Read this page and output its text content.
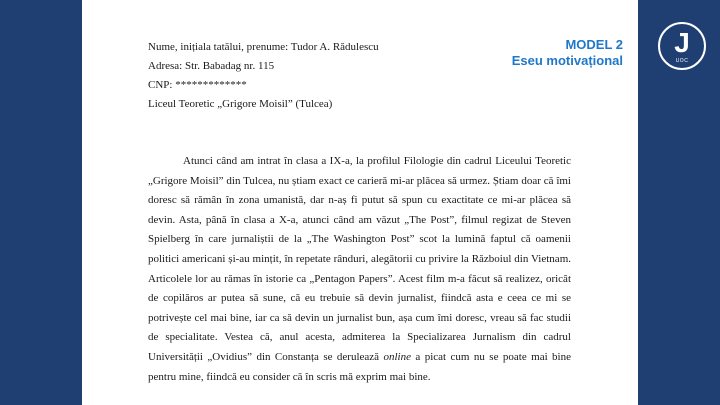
Nume, inițiala tatălui, prenume: Tudor A. Rădulescu
Adresa: Str. Babadag nr. 115
CNP: *************
Liceul Teoretic „Grigore Moisil” (Tulcea)
MODEL 2
Eseu motivațional
J
UOC
Atunci când am intrat în clasa a IX-a, la profilul Filologie din cadrul Liceului Teoretic „Grigore Moisil” din Tulcea, nu știam exact ce carieră mi-ar plăcea să urmez. Știam doar că îmi doresc să rămân în zona umanistă, dar n-aș fi putut să spun cu exactitate ce mi-ar plăcea să devin. Asta, până în clasa a X-a, atunci când am văzut „The Post”, filmul regizat de Steven Spielberg în care jurnaliștii de la „The Washington Post” scot la lumină faptul că oamenii politici americani și-au mințit, în repetate rânduri, alegătorii cu privire la Războiul din Vietnam. Articolele lor au rămas în istorie ca „Pentagon Papers”. Acest film m-a făcut să realizez, oricât de copilăros ar putea să sune, că eu trebuie să devin jurnalist, fiindcă asta e ceea ce mi se potrivește cel mai bine, iar ca să devin un jurnalist bun, așa cum îmi doresc, vreau să fac studii de specialitate. Vestea că, anul acesta, admiterea la Specializarea Jurnalism din cadrul Universității „Ovidius” din Constanța se derulează online a picat cum nu se poate mai bine pentru mine, fiindcă eu consider că în scris mă exprim mai bine.
